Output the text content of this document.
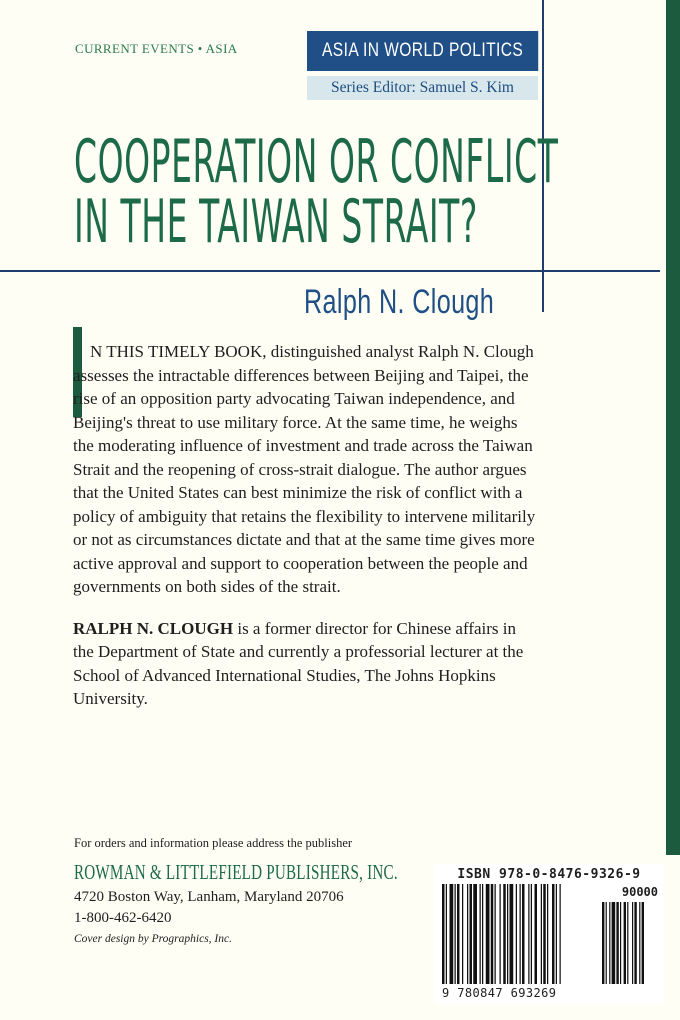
CURRENT EVENTS • ASIA	ASIA IN WORLD POLITICS
Series Editor: Samuel S. Kim
COOPERATION OR CONFLICT
IN THE TAIWAN STRAIT?
Ralph N. Clough

N THIS TIMELY BOOK, distinguished analyst Ralph N. Clough assesses the intractable differences between Beijing and Taipei, the rise of an opposition party advocating Taiwan independence, and Beijing's threat to use military force. At the same time, he weighs the moderating influence of investment and trade across the Taiwan Strait and the reopening of cross-strait dialogue. The author argues that the United States can best minimize the risk of conflict with a policy of ambiguity that retains the flexibility to intervene militarily or not as circumstances dictate and that at the same time gives more active approval and support to cooperation between the people and governments on both sides of the strait.

RALPH N. CLOUGH is a former director for Chinese affairs in the Department of State and currently a professorial lecturer at the School of Advanced International Studies, The Johns Hopkins University.

For orders and information please address the publisher
ROWMAN & LITTLEFIELD PUBLISHERS, INC.
4720 Boston Way, Lanham, Maryland 20706
1-800-462-6420
Cover design by Prographics, Inc.
ISBN 978-0-8476-9326-9
90000
9 780847 693269
